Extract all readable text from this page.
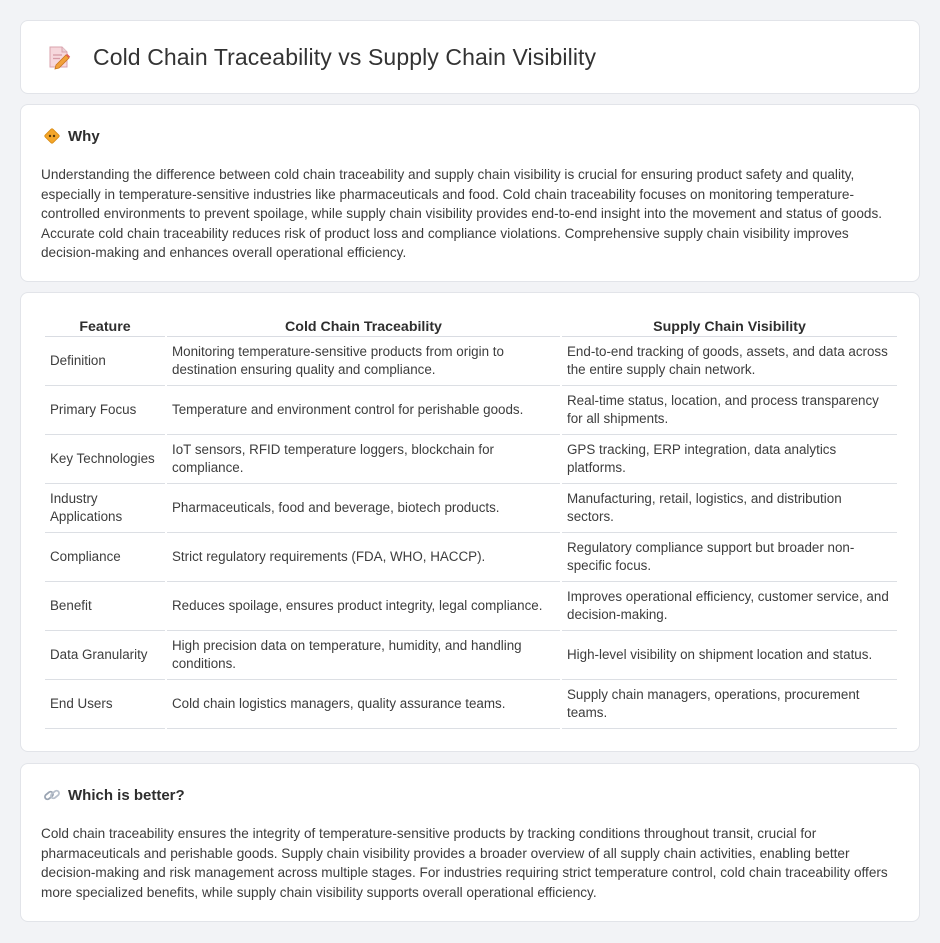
Cold Chain Traceability vs Supply Chain Visibility
Why

Understanding the difference between cold chain traceability and supply chain visibility is crucial for ensuring product safety and quality, especially in temperature-sensitive industries like pharmaceuticals and food. Cold chain traceability focuses on monitoring temperature-controlled environments to prevent spoilage, while supply chain visibility provides end-to-end insight into the movement and status of goods. Accurate cold chain traceability reduces risk of product loss and compliance violations. Comprehensive supply chain visibility improves decision-making and enhances overall operational efficiency.

Feature	Cold Chain Traceability	Supply Chain Visibility
Definition	Monitoring temperature-sensitive products from origin to destination ensuring quality and compliance.	End-to-end tracking of goods, assets, and data across the entire supply chain network.
Primary Focus	Temperature and environment control for perishable goods.	Real-time status, location, and process transparency for all shipments.
Key Technologies	IoT sensors, RFID temperature loggers, blockchain for compliance.	GPS tracking, ERP integration, data analytics platforms.
Industry Applications	Pharmaceuticals, food and beverage, biotech products.	Manufacturing, retail, logistics, and distribution sectors.
Compliance	Strict regulatory requirements (FDA, WHO, HACCP).	Regulatory compliance support but broader non-specific focus.
Benefit	Reduces spoilage, ensures product integrity, legal compliance.	Improves operational efficiency, customer service, and decision-making.
Data Granularity	High precision data on temperature, humidity, and handling conditions.	High-level visibility on shipment location and status.
End Users	Cold chain logistics managers, quality assurance teams.	Supply chain managers, operations, procurement teams.
Which is better?

Cold chain traceability ensures the integrity of temperature-sensitive products by tracking conditions throughout transit, crucial for pharmaceuticals and perishable goods. Supply chain visibility provides a broader overview of all supply chain activities, enabling better decision-making and risk management across multiple stages. For industries requiring strict temperature control, cold chain traceability offers more specialized benefits, while supply chain visibility supports overall operational efficiency.
